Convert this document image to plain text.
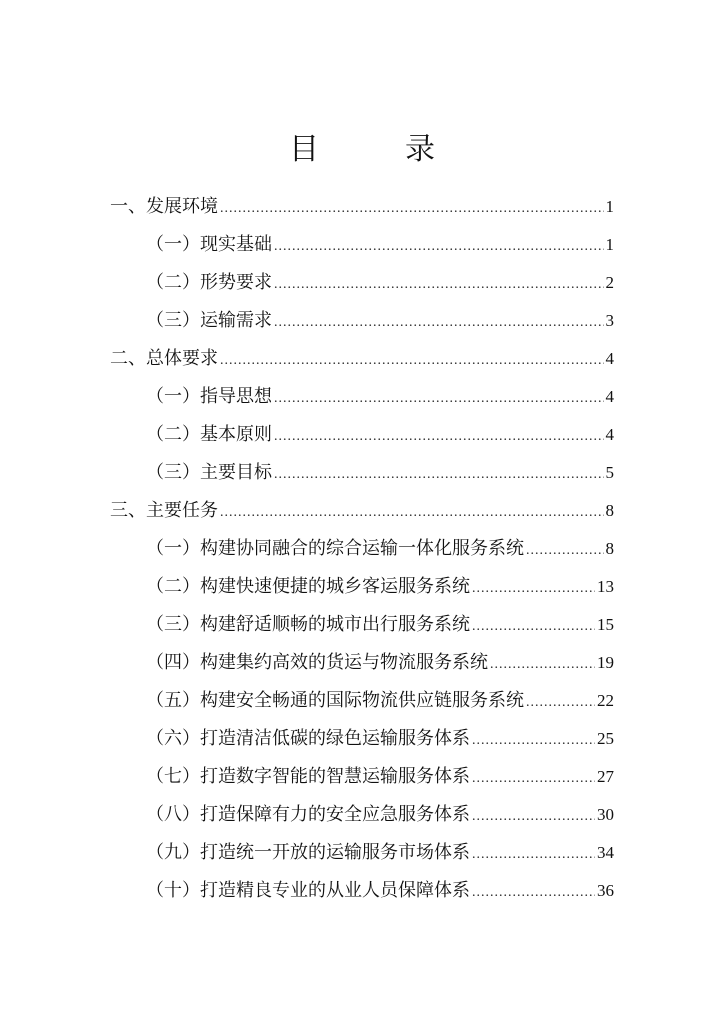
目　录
一、发展环境 .....	1
（一）现实基础 .....	1
（二）形势要求 .....	2
（三）运输需求 .....	3
二、总体要求 .....	4
（一）指导思想 .....	4
（二）基本原则 .....	4
（三）主要目标 .....	5
三、主要任务 .....	8
（一）构建协同融合的综合运输一体化服务系统 .....	8
（二）构建快速便捷的城乡客运服务系统 .....	13
（三）构建舒适顺畅的城市出行服务系统 .....	15
（四）构建集约高效的货运与物流服务系统 .....	19
（五）构建安全畅通的国际物流供应链服务系统 .....	22
（六）打造清洁低碳的绿色运输服务体系 .....	25
（七）打造数字智能的智慧运输服务体系 .....	27
（八）打造保障有力的安全应急服务体系 .....	30
（九）打造统一开放的运输服务市场体系 .....	34
（十）打造精良专业的从业人员保障体系 .....	36
